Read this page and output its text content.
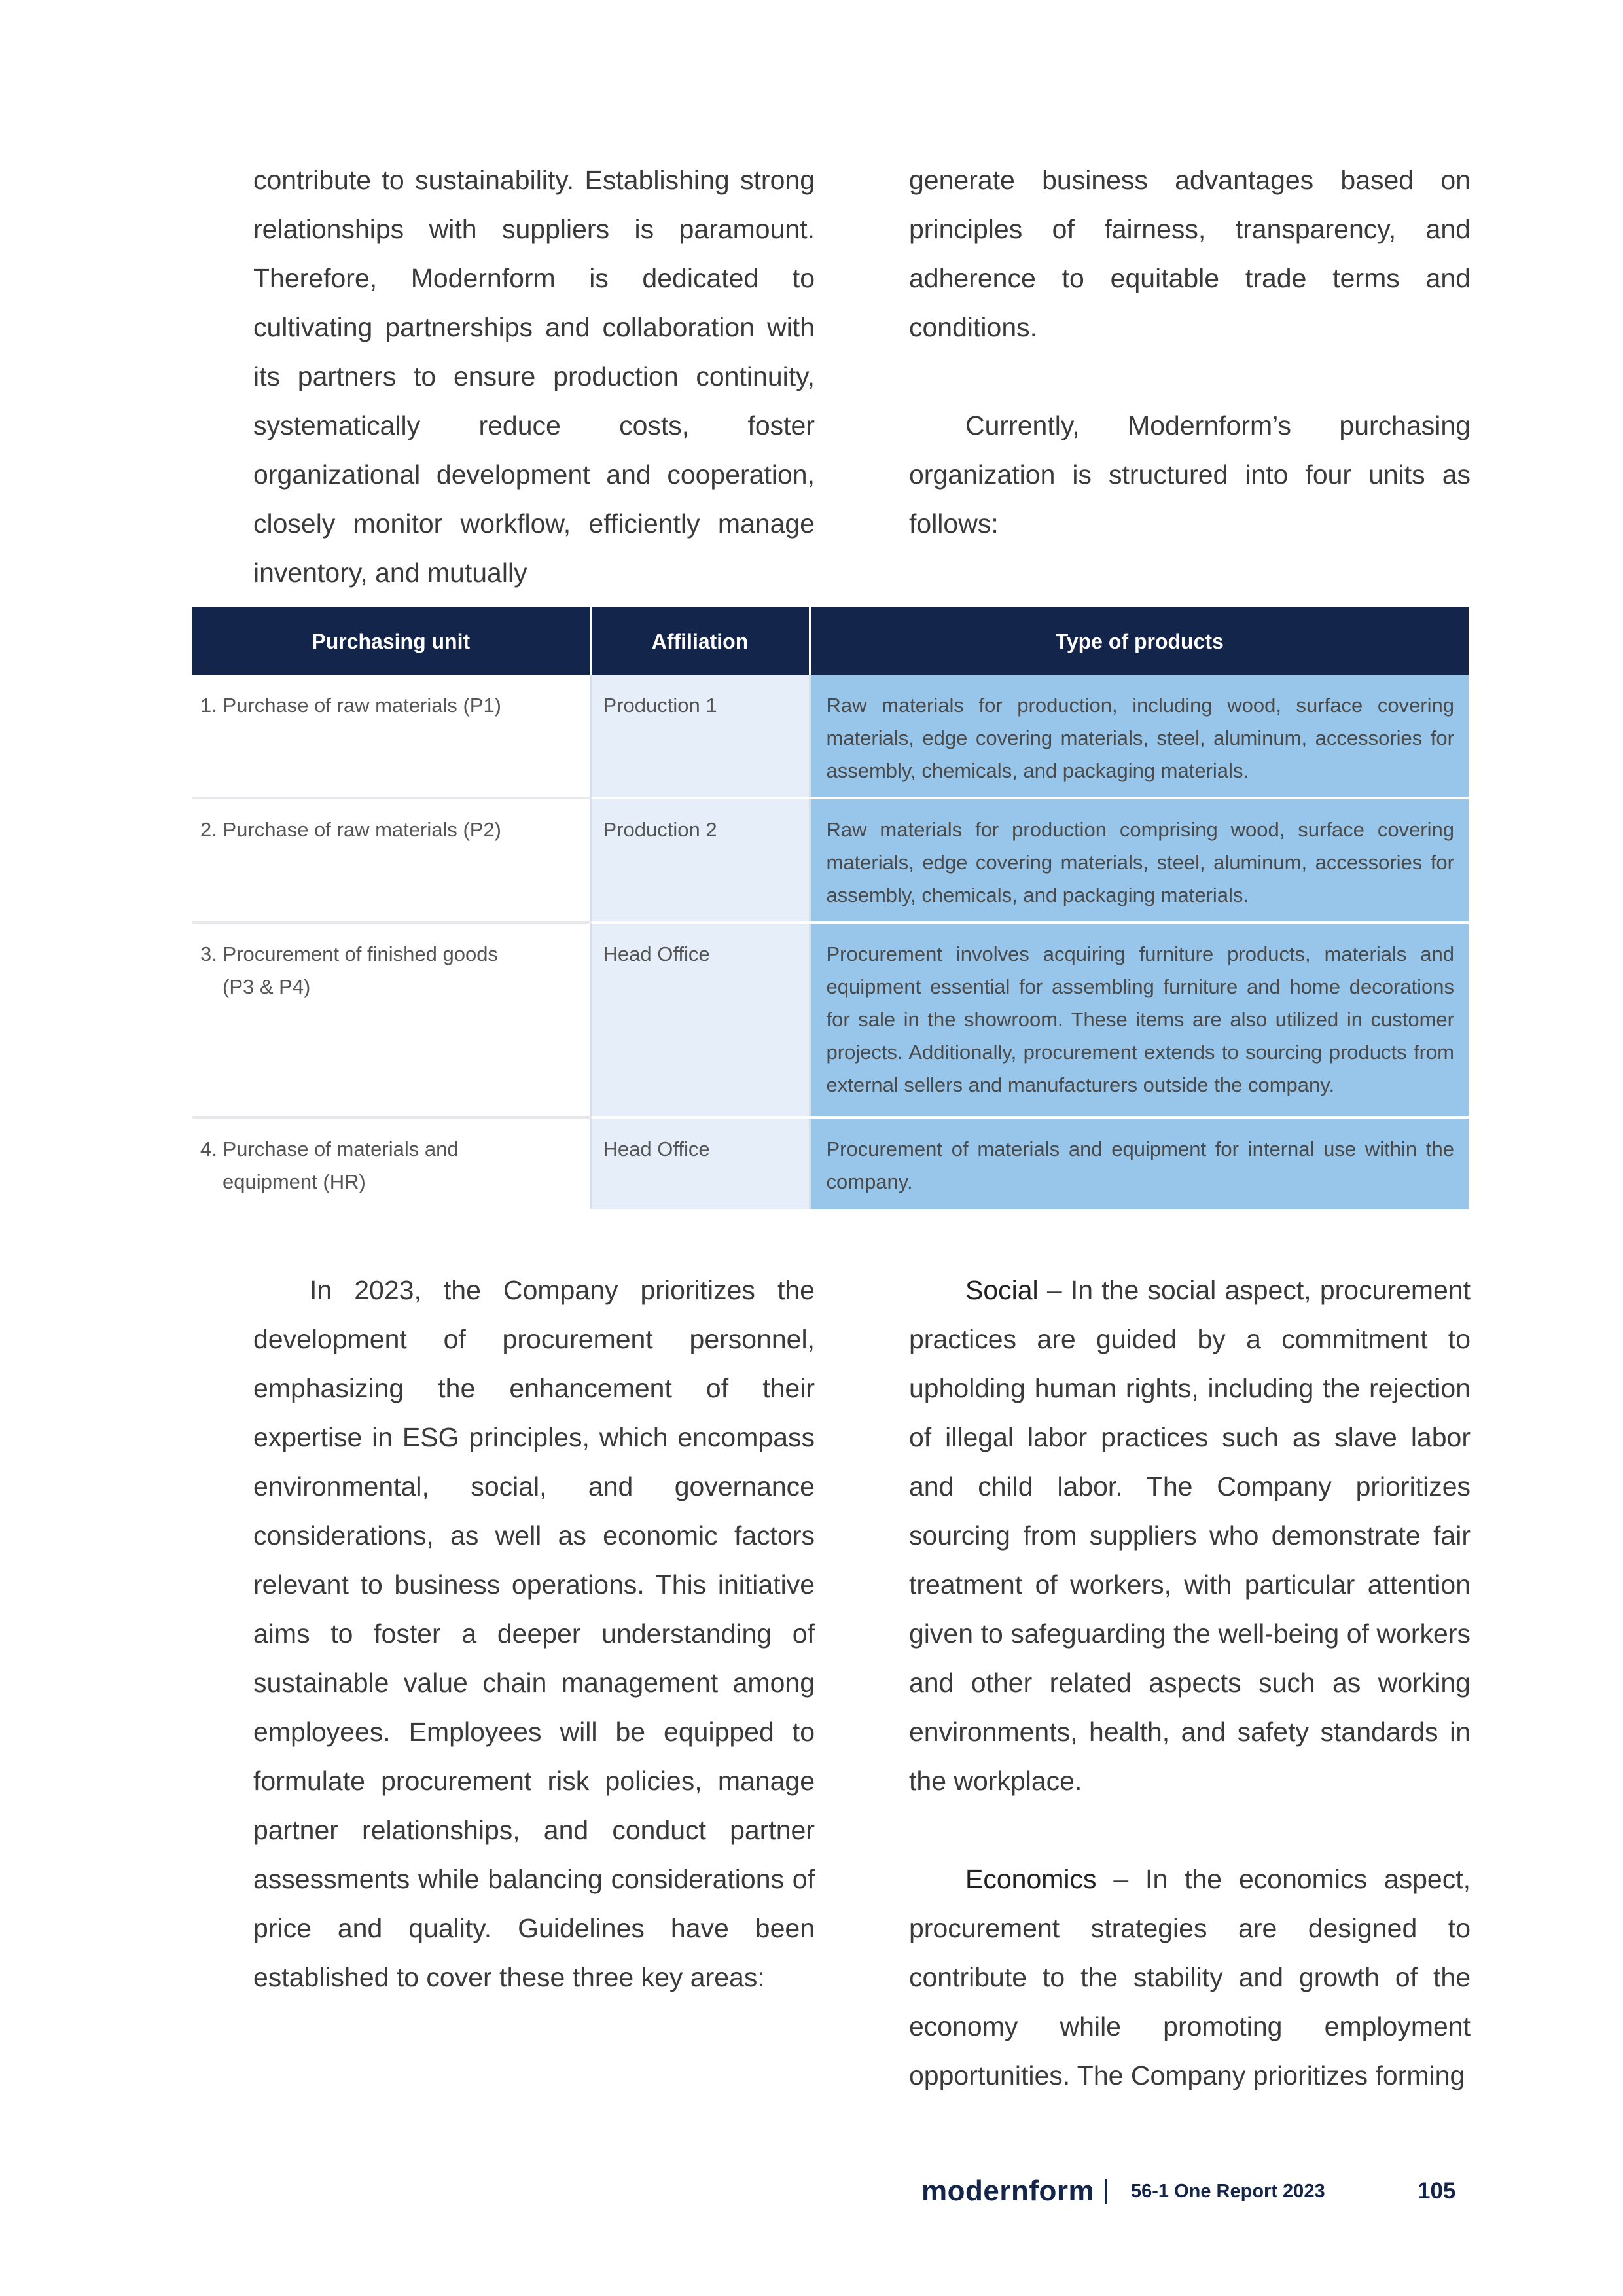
contribute to sustainability. Establishing strong relationships with suppliers is paramount. Therefore, Modernform is dedicated to cultivating partnerships and collaboration with its partners to ensure production continuity, systematically reduce costs, foster organizational development and cooperation, closely monitor workflow, efficiently manage inventory, and mutually

generate business advantages based on principles of fairness, transparency, and adherence to equitable trade terms and conditions.

Currently, Modernform’s purchasing organization is structured into four units as follows:

Purchasing unit	Affiliation	Type of products
1. Purchase of raw materials (P1)	Production 1	Raw materials for production, including wood, surface covering materials, edge covering materials, steel, aluminum, accessories for assembly, chemicals, and packaging materials.
2. Purchase of raw materials (P2)	Production 2	Raw materials for production comprising wood, surface covering materials, edge covering materials, steel, aluminum, accessories for assembly, chemicals, and packaging materials.
3. Procurement of finished goods
(P3 & P4)	Head Office	Procurement involves acquiring furniture products, materials and equipment essential for assembling furniture and home decorations for sale in the showroom. These items are also utilized in customer projects. Additionally, procurement extends to sourcing products from external sellers and manufacturers outside the company.
4. Purchase of materials and
equipment (HR)	Head Office	Procurement of materials and equipment for internal use within the company.

In 2023, the Company prioritizes the development of procurement personnel, emphasizing the enhancement of their expertise in ESG principles, which encompass environmental, social, and governance considerations, as well as economic factors relevant to business operations. This initiative aims to foster a deeper understanding of sustainable value chain management among employees. Employees will be equipped to formulate procurement risk policies, manage partner relationships, and conduct partner assessments while balancing considerations of price and quality. Guidelines have been established to cover these three key areas:

Social – In the social aspect, procurement practices are guided by a commitment to upholding human rights, including the rejection of illegal labor practices such as slave labor and child labor. The Company prioritizes sourcing from suppliers who demonstrate fair treatment of workers, with particular attention given to safeguarding the well-being of workers and other related aspects such as working environments, health, and safety standards in the workplace.

Economics – In the economics aspect, procurement strategies are designed to contribute to the stability and growth of the economy while promoting employment opportunities. The Company prioritizes forming

modernform 56-1 One Report 2023	105
